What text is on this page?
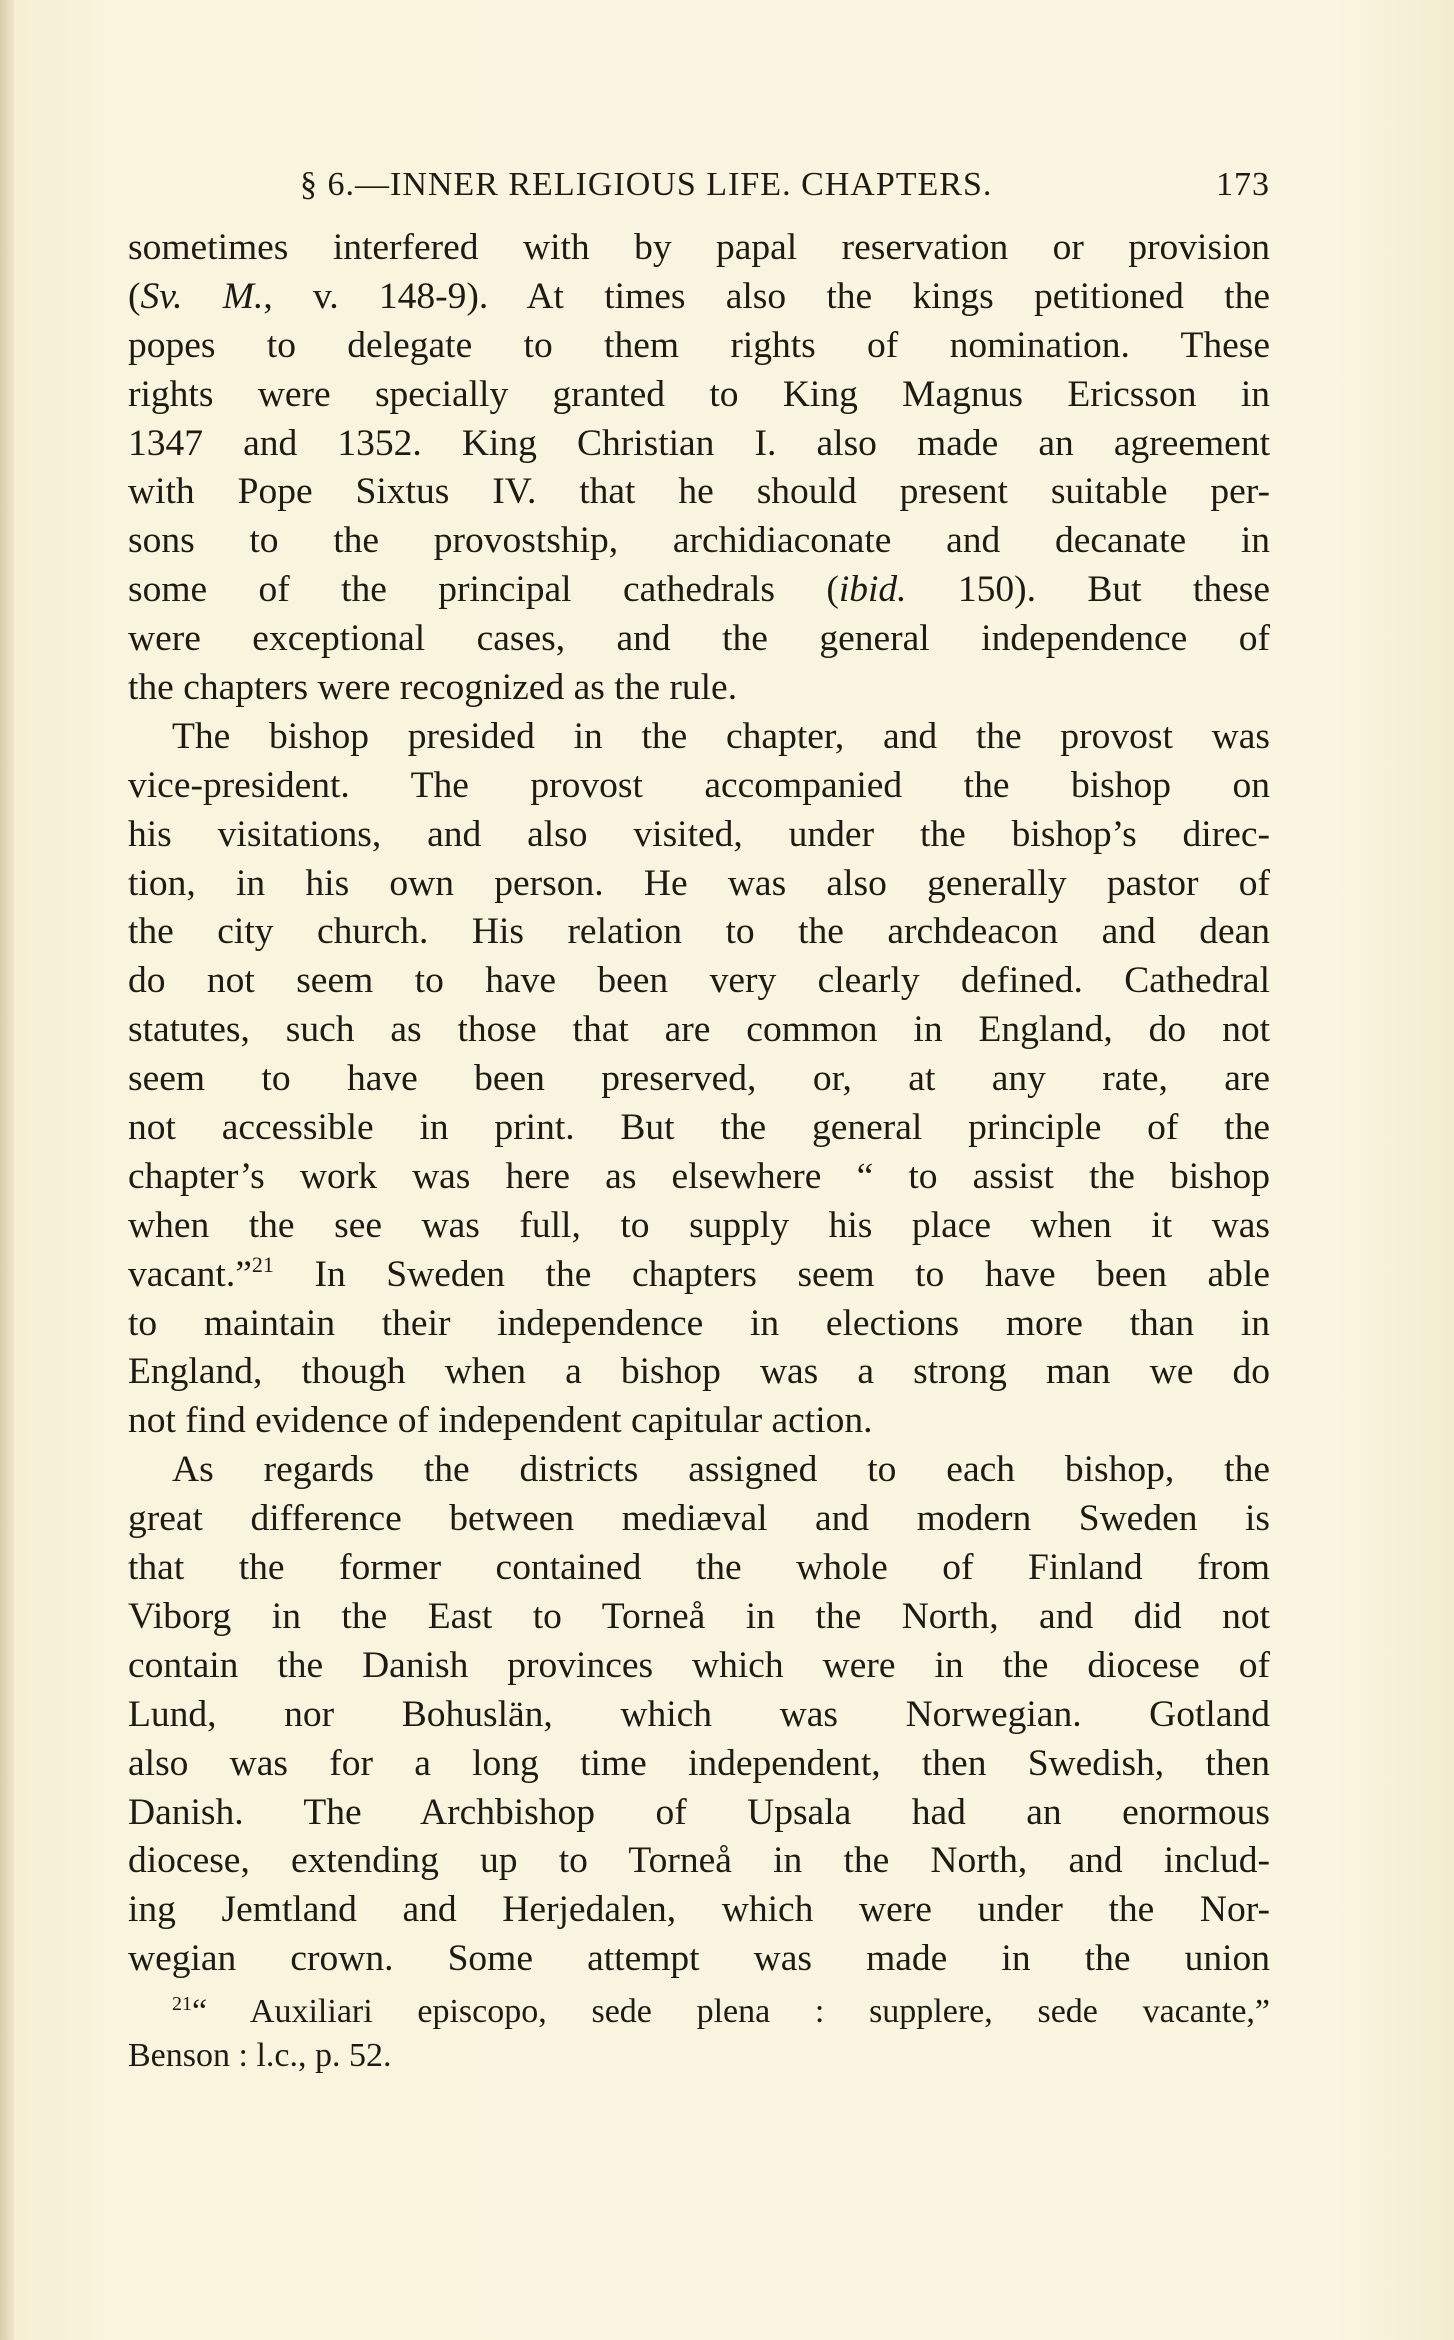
§ 6.—INNER RELIGIOUS LIFE. CHAPTERS.	173
sometimes interfered with by papal reservation or provision
(Sv. M., v. 148-9). At times also the kings petitioned the
popes to delegate to them rights of nomination. These
rights were specially granted to King Magnus Ericsson in
1347 and 1352. King Christian I. also made an agreement
with Pope Sixtus IV. that he should present suitable per-
sons to the provostship, archidiaconate and decanate in
some of the principal cathedrals (ibid. 150). But these
were exceptional cases, and the general independence of
the chapters were recognized as the rule.
The bishop presided in the chapter, and the provost was
vice-president. The provost accompanied the bishop on
his visitations, and also visited, under the bishop’s direc-
tion, in his own person. He was also generally pastor of
the city church. His relation to the archdeacon and dean
do not seem to have been very clearly defined. Cathedral
statutes, such as those that are common in England, do not
seem to have been preserved, or, at any rate, are
not accessible in print. But the general principle of the
chapter’s work was here as elsewhere “ to assist the bishop
when the see was full, to supply his place when it was
vacant.”$^{21}$ In Sweden the chapters seem to have been able
to maintain their independence in elections more than in
England, though when a bishop was a strong man we do
not find evidence of independent capitular action.
As regards the districts assigned to each bishop, the
great difference between mediæval and modern Sweden is
that the former contained the whole of Finland from
Viborg in the East to Torneå in the North, and did not
contain the Danish provinces which were in the diocese of
Lund, nor Bohuslän, which was Norwegian. Gotland
also was for a long time independent, then Swedish, then
Danish. The Archbishop of Upsala had an enormous
diocese, extending up to Torneå in the North, and includ-
ing Jemtland and Herjedalen, which were under the Nor-
wegian crown. Some attempt was made in the union
$^{21}$“ Auxiliari episcopo, sede plena : supplere, sede vacante,”
Benson : l.c., p. 52.
